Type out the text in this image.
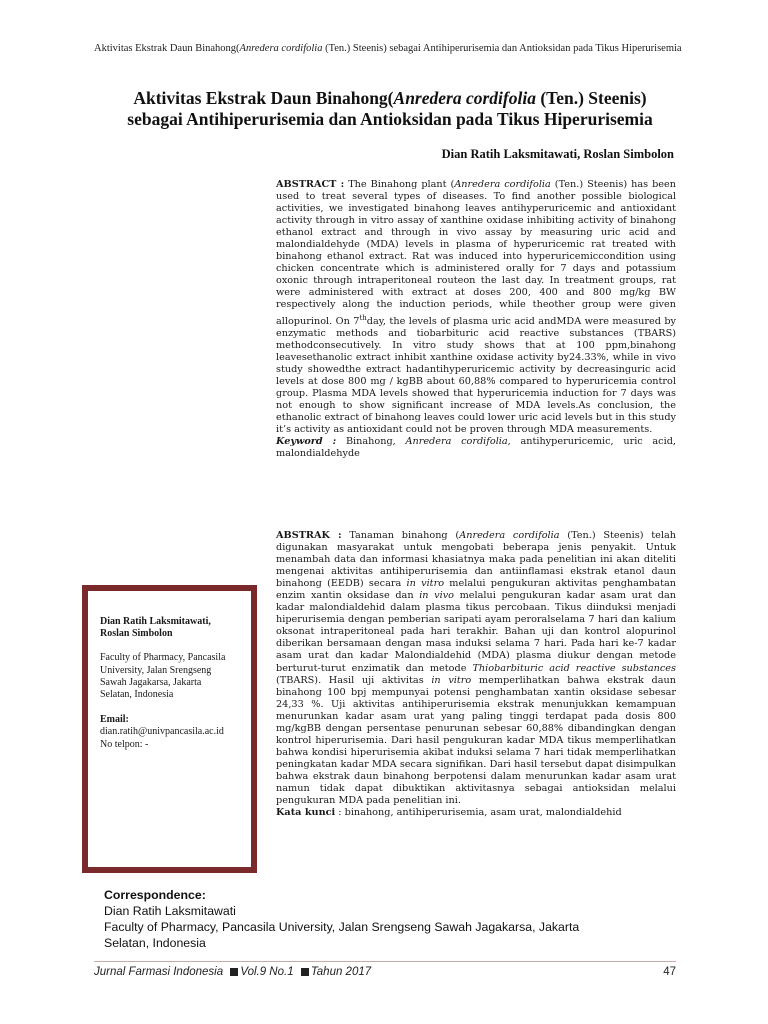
Aktivitas Ekstrak Daun Binahong(Anredera cordifolia (Ten.) Steenis) sebagai Antihiperurisemia dan Antioksidan pada Tikus Hiperurisemia
Aktivitas Ekstrak Daun Binahong(Anredera cordifolia (Ten.) Steenis)
sebagai Antihiperurisemia dan Antioksidan pada Tikus Hiperurisemia
Dian Ratih Laksmitawati, Roslan Simbolon
ABSTRACT : The Binahong plant (Anredera cordifolia (Ten.) Steenis) has been used to treat several types of diseases. To find another possible biological activities, we investigated binahong leaves antihyperuricemic and antioxidant activity through in vitro assay of xanthine oxidase inhibiting activity of binahong ethanol extract and through in vivo assay by measuring uric acid and malondialdehyde (MDA) levels in plasma of hyperuricemic rat treated with binahong ethanol extract. Rat was induced into hyperuricemiccondition using chicken concentrate which is administered orally for 7 days and potassium oxonic through intraperitoneal routeon the last day. In treatment groups, rat were administered with extract at doses 200, 400 and 800 mg/kg BW respectively along the induction periods, while theother group were given allopurinol. On 7thday, the levels of plasma uric acid andMDA were measured by enzymatic methods and tiobarbituric acid reactive substances (TBARS) methodconsecutively. In vitro study shows that at 100 ppm,binahong leavesethanolic extract inhibit xanthine oxidase activity by24.33%, while in vivo study showedthe extract hadantihyperuricemic activity by decreasinguric acid levels at dose 800 mg / kgBB about 60,88% compared to hyperuricemia control group. Plasma MDA levels showed that hyperuricemia induction for 7 days was not enough to show significant increase of MDA levels.As conclusion, the ethanolic extract of binahong leaves could lower uric acid levels but in this study it’s activity as antioxidant could not be proven through MDA measurements.
Keyword : Binahong, Anredera cordifolia, antihyperuricemic, uric acid, malondialdehyde
ABSTRAK : Tanaman binahong (Anredera cordifolia (Ten.) Steenis) telah digunakan masyarakat untuk mengobati beberapa jenis penyakit. Untuk menambah data dan informasi khasiatnya maka pada penelitian ini akan diteliti mengenai aktivitas antihiperurisemia dan antiinflamasi ekstrak etanol daun binahong (EEDB) secara in vitro melalui pengukuran aktivitas penghambatan enzim xantin oksidase dan in vivo melalui pengukuran kadar asam urat dan kadar malondialdehid dalam plasma tikus percobaan. Tikus diinduksi menjadi hiperurisemia dengan pemberian saripati ayam peroralselama 7 hari dan kalium oksonat intraperitoneal pada hari terakhir. Bahan uji dan kontrol alopurinol diberikan bersamaan dengan masa induksi selama 7 hari. Pada hari ke-7 kadar asam urat dan kadar Malondialdehid (MDA) plasma diukur dengan metode berturut-turut enzimatik dan metode Thiobarbituric acid reactive substances (TBARS). Hasil uji aktivitas in vitro memperlihatkan bahwa ekstrak daun binahong 100 bpj mempunyai potensi penghambatan xantin oksidase sebesar 24,33 %. Uji aktivitas antihiperurisemia ekstrak menunjukkan kemampuan menurunkan kadar asam urat yang paling tinggi terdapat pada dosis 800 mg/kgBB dengan persentase penurunan sebesar 60,88% dibandingkan dengan kontrol hiperurisemia. Dari hasil pengukuran kadar MDA tikus memperlihatkan bahwa kondisi hiperurisemia akibat induksi selama 7 hari tidak memperlihatkan peningkatan kadar MDA secara signifikan. Dari hasil tersebut dapat disimpulkan bahwa ekstrak daun binahong berpotensi dalam menurunkan kadar asam urat namun tidak dapat dibuktikan aktivitasnya sebagai antioksidan melalui pengukuran MDA pada penelitian ini.
Kata kunci : binahong, antihiperurisemia, asam urat, malondialdehid
Dian Ratih Laksmitawati,
Roslan Simbolon
Faculty of Pharmacy, Pancasila
University, Jalan Srengseng
Sawah Jagakarsa, Jakarta
Selatan, Indonesia
Email:
dian.ratih@univpancasila.ac.id
No telpon: -
Correspondence:
Dian Ratih Laksmitawati
Faculty of Pharmacy, Pancasila University, Jalan Srengseng Sawah Jagakarsa, Jakarta
Selatan, Indonesia
Jurnal Farmasi Indonesia Vol.9 No.1 Tahun 2017	47
